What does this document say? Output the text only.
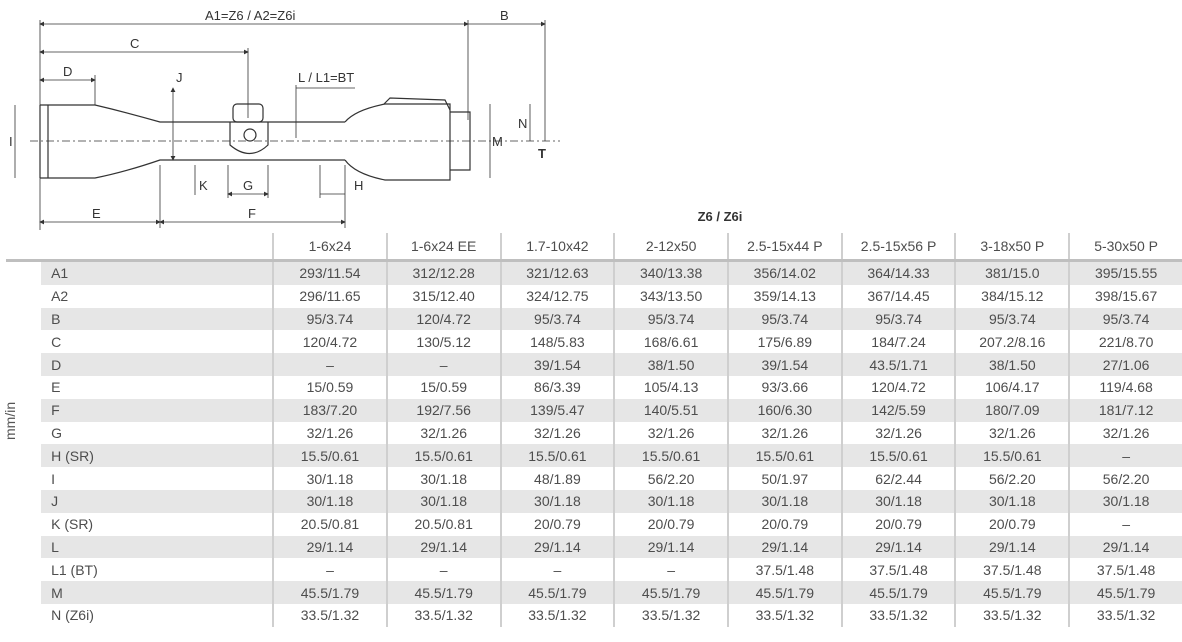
A1=Z6 / A2=Z6i	B
C
D	J	L / L1=BT
I
N
M
T
K	G	H
E	F	Z6 / Z6i
mm/in
		1-6x24	1-6x24 EE	1.7-10x42	2-12x50	2.5-15x44 P	2.5-15x56 P	3-18x50 P	5-30x50 P
	A1	293/11.54	312/12.28	321/12.63	340/13.38	356/14.02	364/14.33	381/15.0	395/15.55
	A2	296/11.65	315/12.40	324/12.75	343/13.50	359/14.13	367/14.45	384/15.12	398/15.67
	B	95/3.74	120/4.72	95/3.74	95/3.74	95/3.74	95/3.74	95/3.74	95/3.74
	C	120/4.72	130/5.12	148/5.83	168/6.61	175/6.89	184/7.24	207.2/8.16	221/8.70
	D	–	–	39/1.54	38/1.50	39/1.54	43.5/1.71	38/1.50	27/1.06
	E	15/0.59	15/0.59	86/3.39	105/4.13	93/3.66	120/4.72	106/4.17	119/4.68
	F	183/7.20	192/7.56	139/5.47	140/5.51	160/6.30	142/5.59	180/7.09	181/7.12
	G	32/1.26	32/1.26	32/1.26	32/1.26	32/1.26	32/1.26	32/1.26	32/1.26
	H (SR)	15.5/0.61	15.5/0.61	15.5/0.61	15.5/0.61	15.5/0.61	15.5/0.61	15.5/0.61	–
	I	30/1.18	30/1.18	48/1.89	56/2.20	50/1.97	62/2.44	56/2.20	56/2.20
	J	30/1.18	30/1.18	30/1.18	30/1.18	30/1.18	30/1.18	30/1.18	30/1.18
	K (SR)	20.5/0.81	20.5/0.81	20/0.79	20/0.79	20/0.79	20/0.79	20/0.79	–
	L	29/1.14	29/1.14	29/1.14	29/1.14	29/1.14	29/1.14	29/1.14	29/1.14
	L1 (BT)	–	–	–	–	37.5/1.48	37.5/1.48	37.5/1.48	37.5/1.48
	M	45.5/1.79	45.5/1.79	45.5/1.79	45.5/1.79	45.5/1.79	45.5/1.79	45.5/1.79	45.5/1.79
	N (Z6i)	33.5/1.32	33.5/1.32	33.5/1.32	33.5/1.32	33.5/1.32	33.5/1.32	33.5/1.32	33.5/1.32
